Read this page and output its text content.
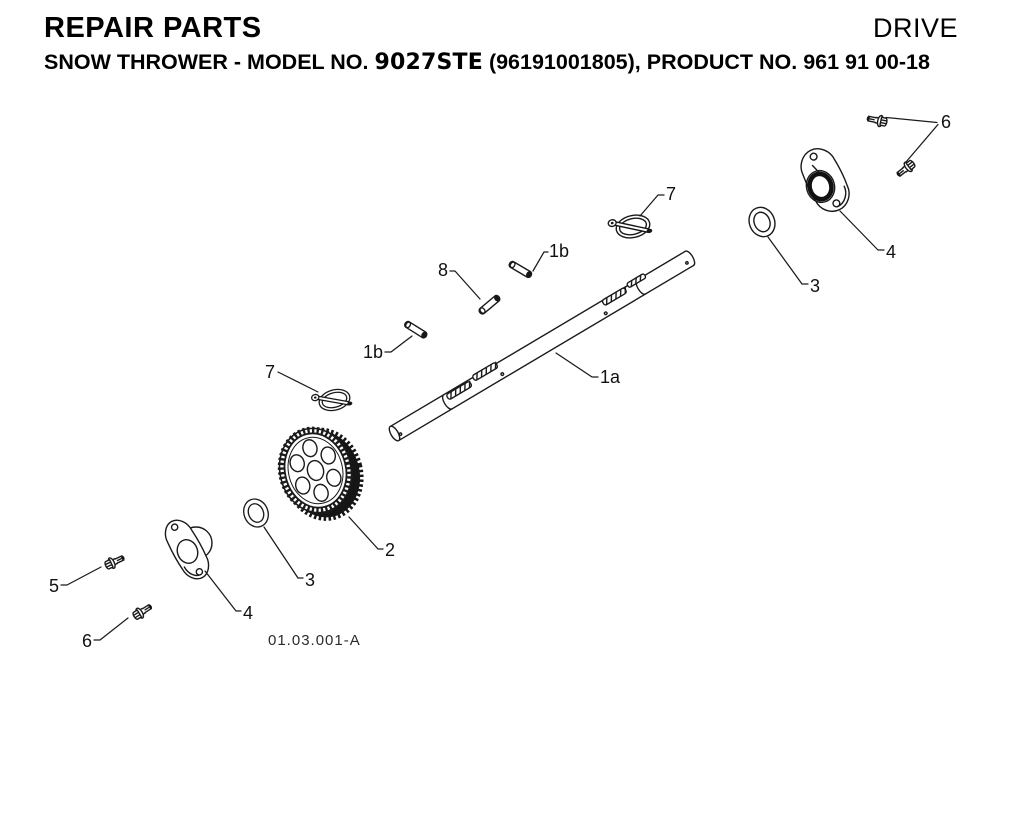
REPAIR PARTS	DRIVE
SNOW THROWER - MODEL NO. 9027STE (96191001805), PRODUCT NO. 961 91 00-18
1a
1b
1b
2
3
3
4
4
5
6
6
7
7
8
01.03.001-A
